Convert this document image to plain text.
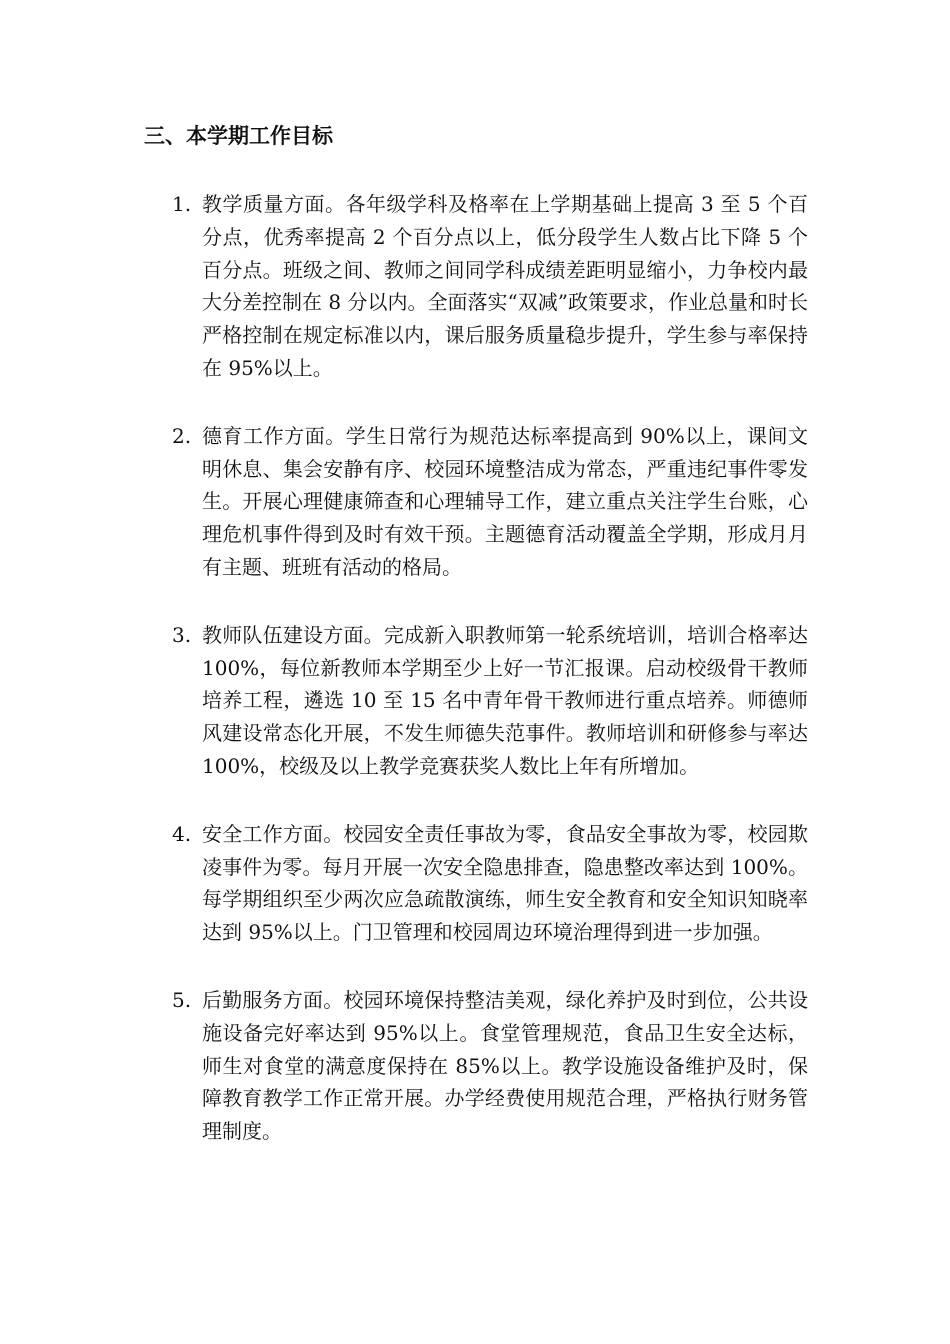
三、本学期工作目标
1. 教学质量方面。各年级学科及格率在上学期基础上提高 3 至 5 个百分点，优秀率提高 2 个百分点以上，低分段学生人数占比下降 5 个百分点。班级之间、教师之间同学科成绩差距明显缩小，力争校内最大分差控制在 8 分以内。全面落实“双减”政策要求，作业总量和时长严格控制在规定标准以内，课后服务质量稳步提升，学生参与率保持在 95%以上。
2. 德育工作方面。学生日常行为规范达标率提高到 90%以上，课间文明休息、集会安静有序、校园环境整洁成为常态，严重违纪事件零发生。开展心理健康筛查和心理辅导工作，建立重点关注学生台账，心理危机事件得到及时有效干预。主题德育活动覆盖全学期，形成月月有主题、班班有活动的格局。
3. 教师队伍建设方面。完成新入职教师第一轮系统培训，培训合格率达 100%，每位新教师本学期至少上好一节汇报课。启动校级骨干教师培养工程，遴选 10 至 15 名中青年骨干教师进行重点培养。师德师风建设常态化开展，不发生师德失范事件。教师培训和研修参与率达 100%，校级及以上教学竞赛获奖人数比上年有所增加。
4. 安全工作方面。校园安全责任事故为零，食品安全事故为零，校园欺凌事件为零。每月开展一次安全隐患排查，隐患整改率达到 100%。每学期组织至少两次应急疏散演练，师生安全教育和安全知识知晓率达到 95%以上。门卫管理和校园周边环境治理得到进一步加强。
5. 后勤服务方面。校园环境保持整洁美观，绿化养护及时到位，公共设施设备完好率达到 95%以上。食堂管理规范，食品卫生安全达标，师生对食堂的满意度保持在 85%以上。教学设施设备维护及时，保障教育教学工作正常开展。办学经费使用规范合理，严格执行财务管理制度。
